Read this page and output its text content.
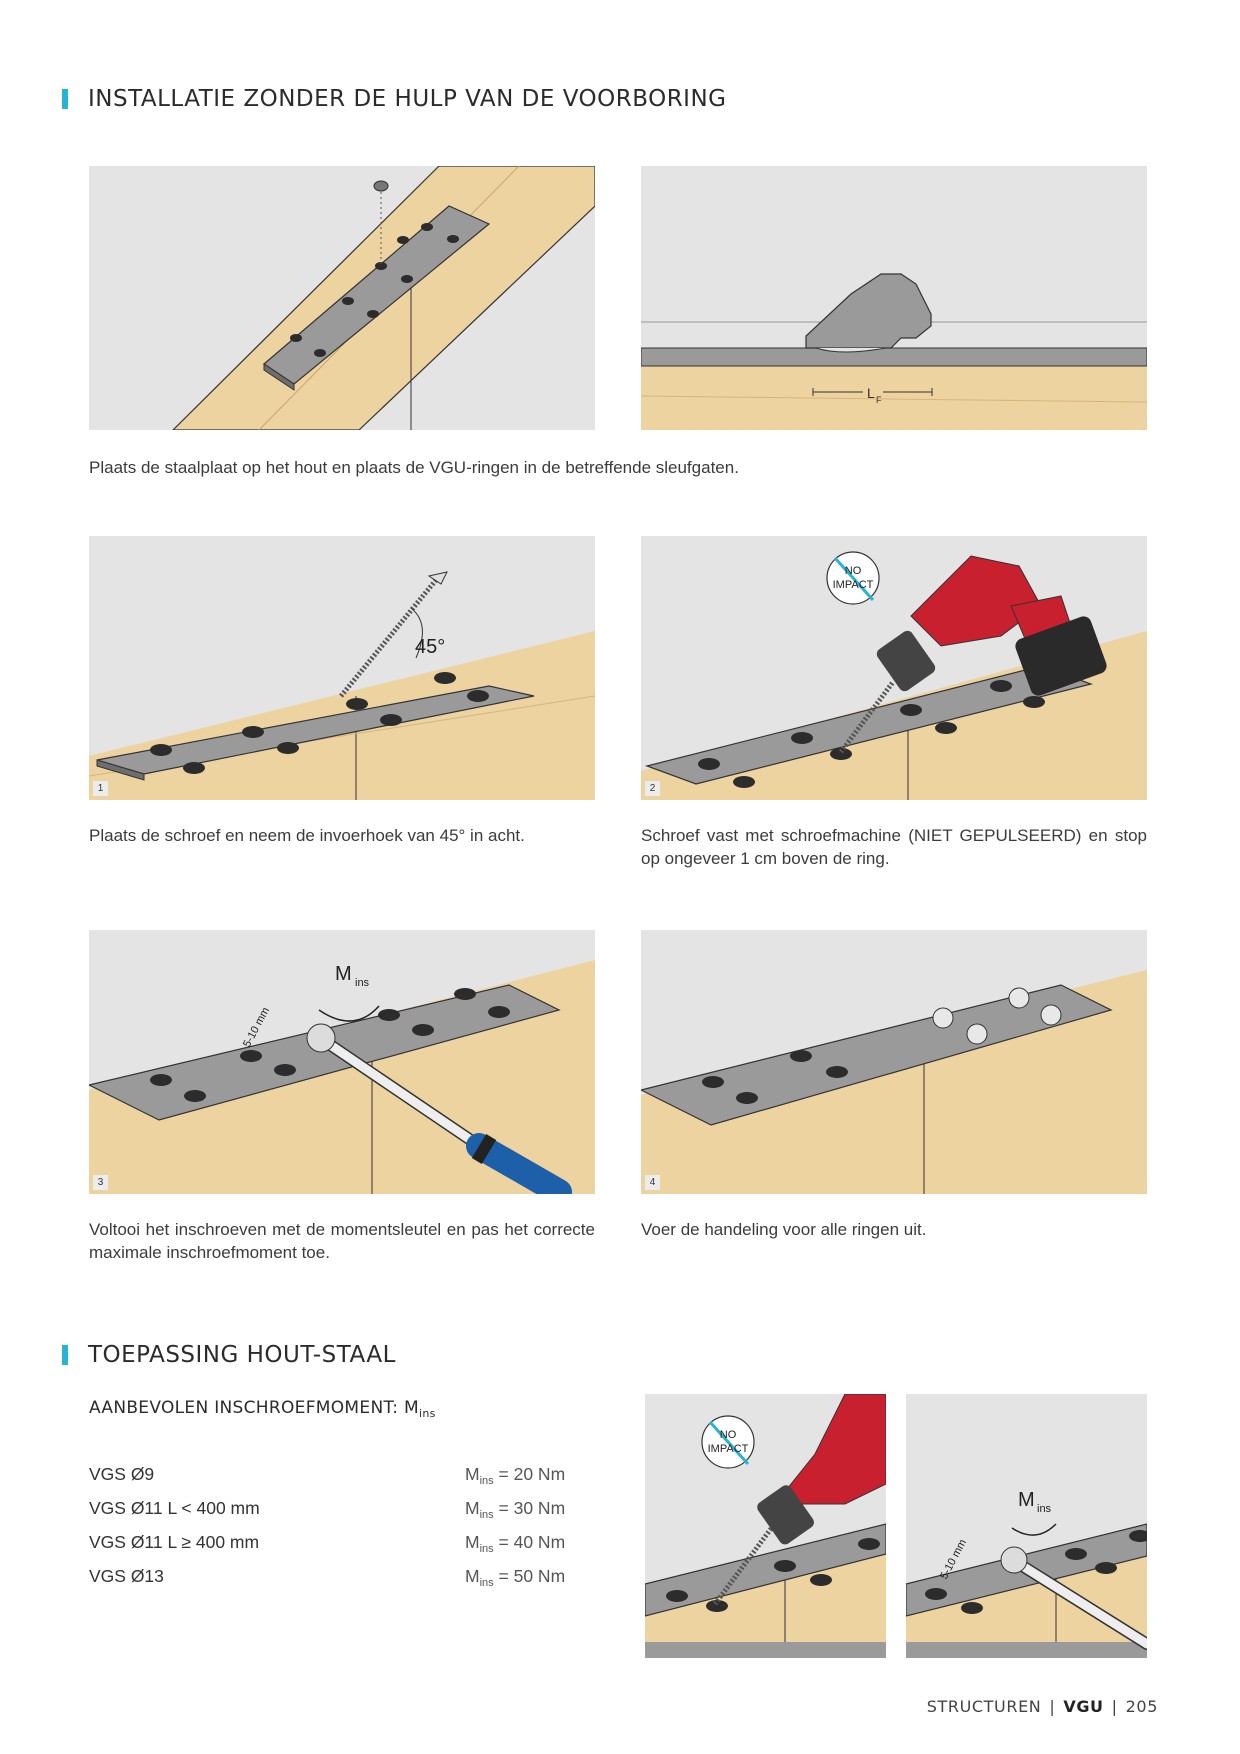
INSTALLATIE ZONDER DE HULP VAN DE VOORBORING
L F
Plaats de staalplaat op het hout en plaats de VGU-ringen in de betreffende sleufgaten.
45°
1
NO
IMPACT
2
Plaats de schroef en neem de invoerhoek van 45° in acht.	Schroef vast met schroefmachine (NIET GEPULSEERD) en stop op ongeveer 1 cm boven de ring.
M ins
5-10 mm
3	4
Voltooi het inschroeven met de momentsleutel en pas het correcte maximale inschroefmoment toe.
Voer de handeling voor alle ringen uit.
TOEPASSING HOUT-STAAL
AANBEVOLEN INSCHROEFMOMENT: $M_{ins}$
VGS Ø9	$M_{ins} = 20$ Nm
VGS Ø11 L < 400 mm	$M_{ins} = 30$ Nm
VGS Ø11 L ≥ 400 mm	$M_{ins} = 40$ Nm
VGS Ø13	$M_{ins} = 50$ Nm
NO
IMPACT
M ins
5-10 mm
STRUCTUREN | VGU | 205
